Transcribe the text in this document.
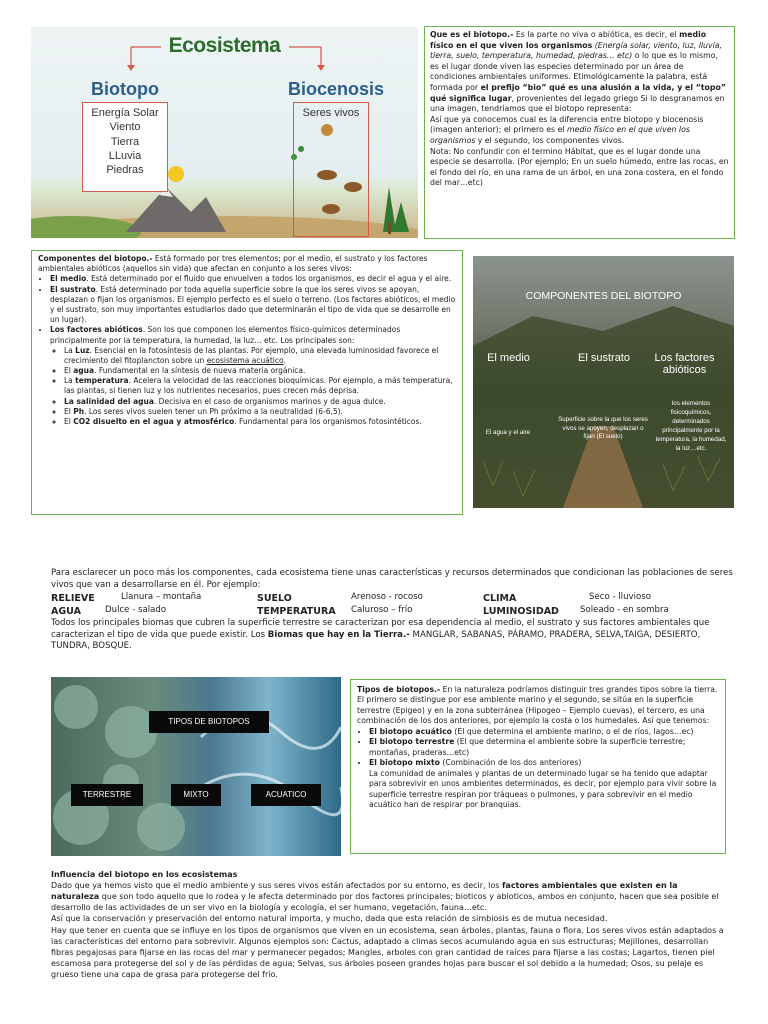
Ecosistema
Biotopo
Energía Solar
Viento
Tierra
LLuvia
Piedras
Biocenosis
Seres vivos

Que es el biotopo.- Es la parte no viva o abiótica, es decir, el medio físico en el que viven los organismos (Energía solar, viento, luz, lluvia, tierra, suelo, temperatura, humedad, piedras… etc) o lo que es lo mismo, es el lugar donde viven las especies determinado por un área de condiciones ambientales uniformes. Etimológicamente la palabra, está formada por el prefijo “bio” qué es una alusión a la vida, y el “topo” qué significa lugar, provenientes del legado griego Si lo desgranamos en una imagen, tendríamos que el biotopo representa:

Así que ya conocemos cual es la diferencia entre biotopo y biocenosis (imagen anterior); el primero es el medio físico en el que viven los organismos y el segundo, los componentes vivos.

Nota: No confundir con el termino Hábitat, que es el lugar donde una especie se desarrolla. (Por ejemplo; En un suelo húmedo, entre las rocas, en el fondo del río, en una rama de un árbol, en una zona costera, en el fondo del mar…etc)

Componentes del biotopo.- Está formado por tres elementos; por el medio, el sustrato y los factores ambientales abióticos (aquellos sin vida) que afectan en conjunto a los seres vivos:

• El medio. Está determinado por el fluido que envuelven a todos los organismos, es decir el agua y el aire.
• El sustrato. Está determinado por toda aquella superficie sobre la que los seres vivos se apoyan, desplazan o fijan los organismos. El ejemplo perfecto es el suelo o terreno. (Los factores abióticos, el medio y el sustrato, son muy importantes estudiarlos dado que determinarán el tipo de vida que se desarrolle en un lugar).
• Los factores abióticos. Son los que componen los elementos físico-químicos determinados principalmente por la temperatura, la humedad, la luz… etc. Los principales son:
◦ La Luz. Esencial en la fotosíntesis de las plantas. Por ejemplo, una elevada luminosidad favorece el crecimiento del fitoplancton sobre un ecosistema acuático.
◦ El agua. Fundamental en la síntesis de nueva materia orgánica.
◦ La temperatura. Acelera la velocidad de las reacciones bioquímicas. Por ejemplo, a más temperatura, las plantas, si tienen luz y los nutrientes necesarios, pues crecen más deprisa.
◦ La salinidad del agua. Decisiva en el caso de organismos marinos y de agua dulce.
◦ El Ph. Los seres vivos suelen tener un Ph próximo a la neutralidad (6-6,5).
◦ El CO2 disuelto en el agua y atmosférico. Fundamental para los organismos fotosintéticos.
COMPONENTES DEL BIOTOPO
El medio	El sustrato	Los factores abióticos
El agua y el aire
Superficie sobre la que los seres vivos se apoyen, desplazan o fijan (El suelo)
los elementos fisicoquímicos, determinados principalmente por la temperatura, la humedad, la luz…etc.

Para esclarecer un poco más los componentes, cada ecosistema tiene unas características y recursos determinados que condicionan las poblaciones de seres vivos que van a desarrollarse en él. Por ejemplo:

RELIEVE	Llanura – montaña	SUELO	Arenoso - rocoso	CLIMA	Seco - lluvioso
AGUA	Dulce - salado	TEMPERATURA Caluroso – frío	LUMINOSIDAD Soleado - en sombra

Todos los principales biomas que cubren la superficie terrestre se caracterizan por esa dependencia al medio, el sustrato y sus factores ambientales que caracterizan el tipo de vida que puede existir. Los Biomas que hay en la Tierra.- MANGLAR, SABANAS, PÁRAMO, PRADERA, SELVA,TAIGA, DESIERTO, TUNDRA, BOSQUE.

TIPOS DE BIOTOPOS
TERRESTRE	MIXTO	ACUATICO

Tipos de biotopos.- En la naturaleza podríamos distinguir tres grandes tipos sobre la tierra. El primero se distingue por ese ambiente marino y el segundo, se sitúa en la superficie terrestre (Epigeo) y en la zona subterránea (Hipogeo – Ejemplo cuevas), el tercero, es una combinación de los dos anteriores, por ejemplo la costa o los humedales. Así que tenemos:

• El biotopo acuático (El que determina el ambiente marino, o el de ríos, lagos…ec)
• El biotopo terrestre (El que determina el ambiente sobre la superficie terrestre; montañas, praderas…etc)
• El biotopo mixto (Combinación de los dos anteriores)

La comunidad de animales y plantas de un determinado lugar se ha tenido que adaptar para sobrevivir en unos ambientes determinados, es decir, por ejemplo para vivir sobre la superficie terrestre respiran por tráqueas o pulmones, y para sobrevivir en el medio acuático han de respirar por branquias.

Influencia del biotopo en los ecosistemas

Dado que ya hemos visto que el medio ambiente y sus seres vivos están afectados por su entorno, es decir, los factores ambientales que existen en la naturaleza que son todo aquello que lo rodea y le afecta determinado por dos factores principales; bioticos y abioticos, ambos en conjunto, hacen que sea posible el desarrollo de las actividades de un ser vivo en la biología y ecología, el ser humano, vegetación, fauna…etc.

Así que la conservación y preservación del entorno natural importa, y mucho, dada que esta relación de simbiosis es de mutua necesidad.

Hay que tener en cuenta que se influye en los tipos de organismos que viven en un ecosistema, sean árboles, plantas, fauna o flora. Los seres vivos están adaptados a las características del entorno para sobrevivir. Algunos ejemplos son: Cactus, adaptado a climas secos acumulando agua en sus estructuras; Mejillones, desarrollan fibras pegajosas para fijarse en las rocas del mar y permanecer pegados; Mangles, arboles con gran cantidad de raíces para fijarse a las costas; Lagartos, tienen piel escamosa para protegerse del sol y de las pérdidas de agua; Selvas, sus árboles poseen grandes hojas para buscar el sol debido a la humedad; Osos, su pelaje es grueso tiene una capa de grasa para protegerse del frío.
